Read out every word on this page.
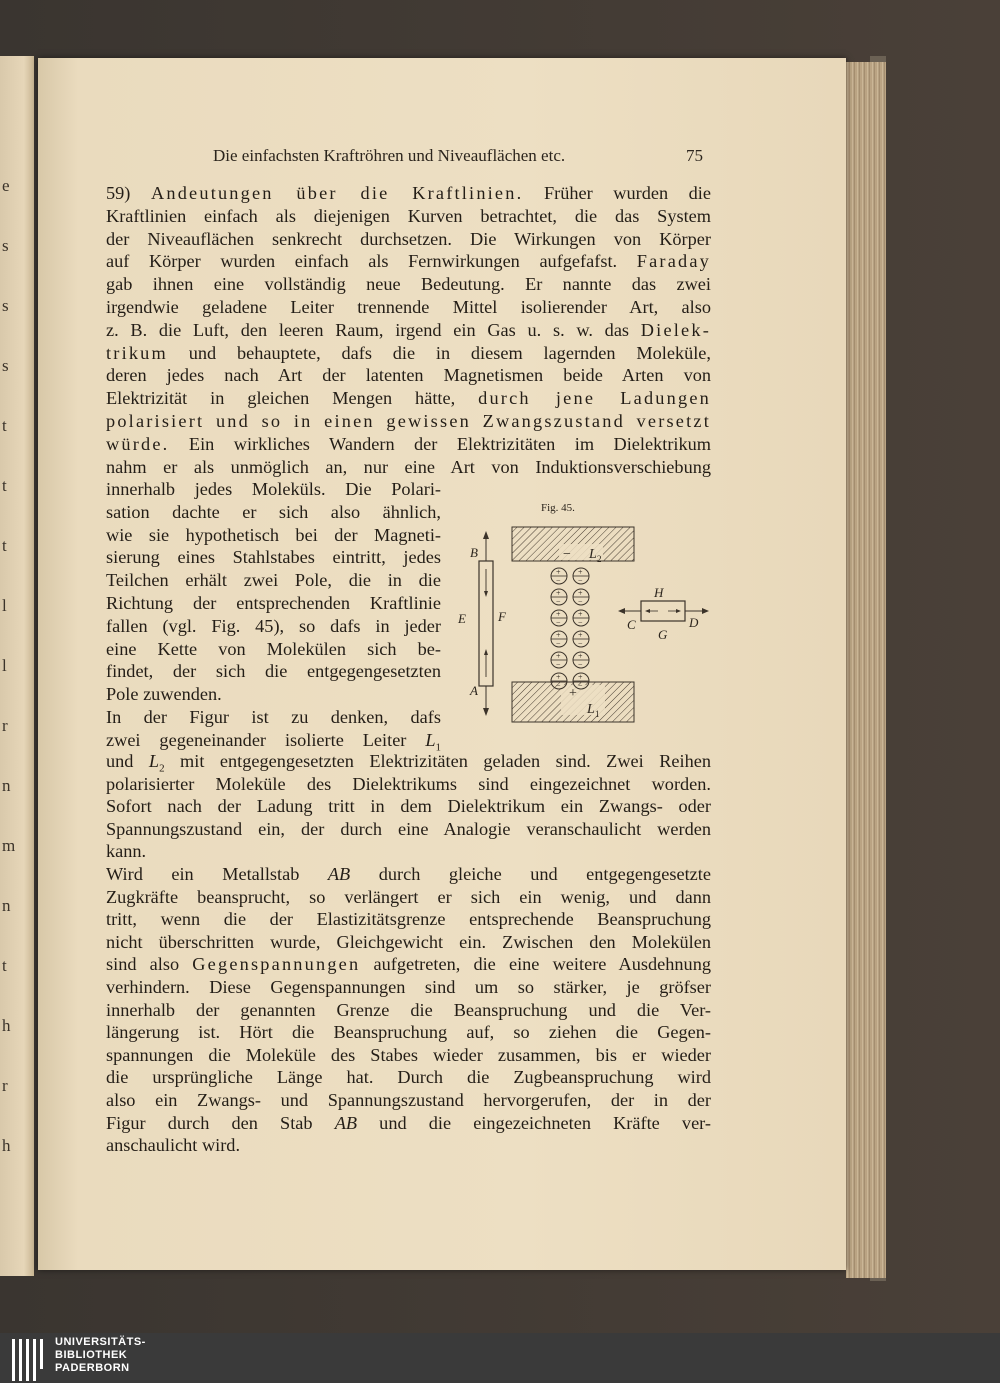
e
s
s
s
t
t
t
l
l
r
n
m
n
t
h
r
h
Die einfachsten Kraftröhren und Niveauflächen etc.	75
59) Andeutungen über die Kraftlinien. Früher wurden die
Kraftlinien einfach als diejenigen Kurven betrachtet, die das System
der Niveauflächen senkrecht durchsetzen. Die Wirkungen von Körper
auf Körper wurden einfach als Fernwirkungen aufgefafst. Faraday
gab ihnen eine vollständig neue Bedeutung. Er nannte das zwei
irgendwie geladene Leiter trennende Mittel isolierender Art, also
z. B. die Luft, den leeren Raum, irgend ein Gas u. s. w. das Dielek-
trikum und behauptete, dafs die in diesem lagernden Moleküle,
deren jedes nach Art der latenten Magnetismen beide Arten von
Elektrizität in gleichen Mengen hätte, durch jene Ladungen
polarisiert und so in einen gewissen Zwangszustand versetzt
würde. Ein wirkliches Wandern der Elektrizitäten im Dielektrikum
nahm er als unmöglich an, nur eine Art von Induktionsverschiebung
innerhalb jedes Moleküls. Die Polari-
sation dachte er sich also ähnlich,
wie sie hypothetisch bei der Magneti-
sierung eines Stahlstabes eintritt, jedes
Teilchen erhält zwei Pole, die in die
Richtung der entsprechenden Kraftlinie
fallen (vgl. Fig. 45), so dafs in jeder
eine Kette von Molekülen sich be-
findet, der sich die entgegengesetzten
Pole zuwenden.
In der Figur ist zu denken, dafs
zwei gegeneinander isolierte Leiter $L_1$
und $L_2$ mit entgegengesetzten Elektrizitäten geladen sind. Zwei Reihen
polarisierter Moleküle des Dielektrikums sind eingezeichnet worden.
Sofort nach der Ladung tritt in dem Dielektrikum ein Zwangs- oder
Spannungszustand ein, der durch eine Analogie veranschaulicht werden
kann.
Wird ein Metallstab AB durch gleiche und entgegengesetzte
Zugkräfte beansprucht, so verlängert er sich ein wenig, und dann
tritt, wenn die der Elastizitätsgrenze entsprechende Beanspruchung
nicht überschritten wurde, Gleichgewicht ein. Zwischen den Molekülen
sind also Gegenspannungen aufgetreten, die eine weitere Ausdehnung
verhindern. Diese Gegenspannungen sind um so stärker, je gröfser
innerhalb der genannten Grenze die Beanspruchung und die Ver-
längerung ist. Hört die Beanspruchung auf, so ziehen die Gegen-
spannungen die Moleküle des Stabes wieder zusammen, bis er wieder
die ursprüngliche Länge hat. Durch die Zugbeanspruchung wird
also ein Zwangs- und Spannungszustand hervorgerufen, der in der
Figur durch den Stab AB und die eingezeichneten Kräfte ver-
anschaulicht wird.
Fig. 45.
− L 2
+
L 1
B
A
E F
+
−
+
−
+
−
+
−
+
−
+
−
+
−
+
−
+
−
+
−
+
−
+
−
H
C	D
G
UNIVERSITÄTS-
BIBLIOTHEK
PADERBORN
